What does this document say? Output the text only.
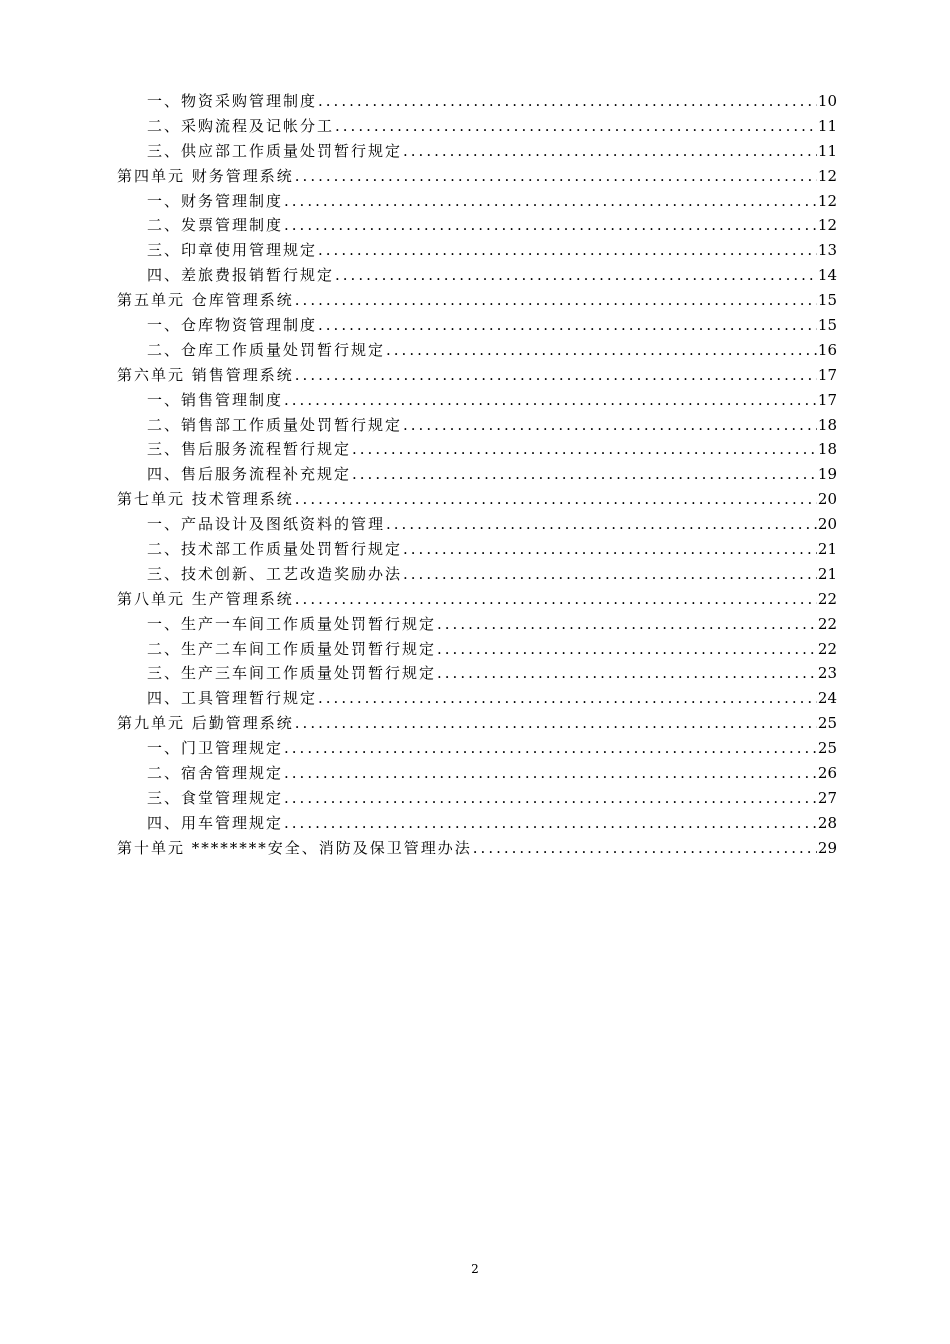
一、物资采购管理制度 .....	10
二、采购流程及记帐分工 .....	11
三、供应部工作质量处罚暂行规定 .....	11
第四单元 财务管理系统 .....	12
一、财务管理制度 .....	12
二、发票管理制度 .....	12
三、印章使用管理规定 .....	13
四、差旅费报销暂行规定 .....	14
第五单元 仓库管理系统 .....	15
一、仓库物资管理制度 .....	15
二、仓库工作质量处罚暂行规定 .....	16
第六单元 销售管理系统 .....	17
一、销售管理制度 .....	17
二、销售部工作质量处罚暂行规定 .....	18
三、售后服务流程暂行规定 .....	18
四、售后服务流程补充规定 .....	19
第七单元 技术管理系统 .....	20
一、产品设计及图纸资料的管理 .....	20
二、技术部工作质量处罚暂行规定 .....	21
三、技术创新、工艺改造奖励办法 .....	21
第八单元 生产管理系统 .....	22
一、生产一车间工作质量处罚暂行规定 .....	22
二、生产二车间工作质量处罚暂行规定 .....	22
三、生产三车间工作质量处罚暂行规定 .....	23
四、工具管理暂行规定 .....	24
第九单元 后勤管理系统 .....	25
一、门卫管理规定 .....	25
二、宿舍管理规定 .....	26
三、食堂管理规定 .....	27
四、用车管理规定 .....	28
第十单元 ********安全、消防及保卫管理办法 .....	29
2
